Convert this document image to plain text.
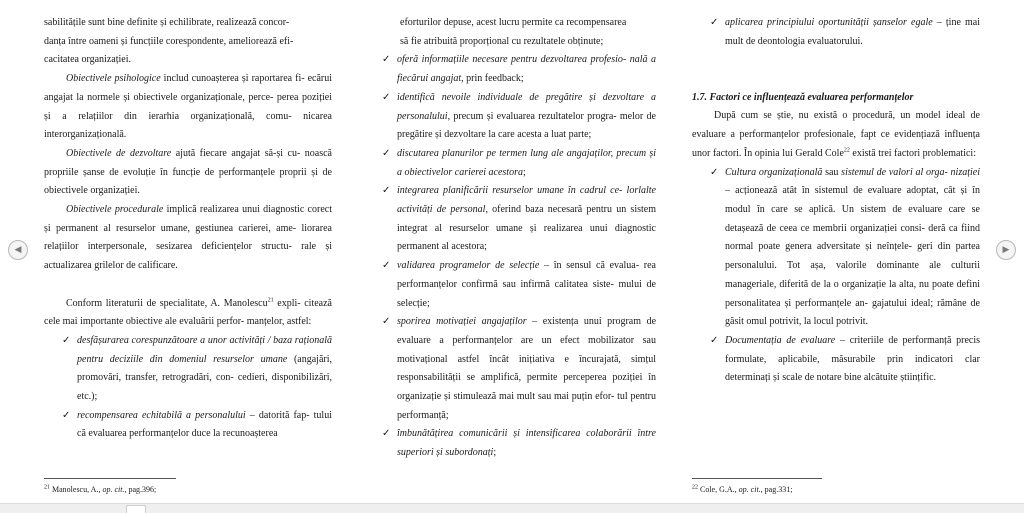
sabilitățile sunt bine definite și echilibrate, realizează concor-

danța între oameni și funcțiile corespondente, ameliorează efi-

cacitatea organizației.

Obiectivele psihologice includ cunoașterea și raportarea fi- ecărui angajat la normele și obiectivele organizaționale, perce- perea poziției și a relațiilor din ierarhia organizațională, comu- nicarea interorganizațională.

Obiectivele de dezvoltare ajută fiecare angajat să-și cu- noască propriile șanse de evoluție în funcție de performanțele proprii și de obiectivele organizației.

Obiectivele procedurale implică realizarea unui diagnostic corect și permanent al resurselor umane, gestiunea carierei, ame- liorarea relațiilor interpersonale, sesizarea deficiențelor structu- rale și actualizarea grilelor de calificare.

Conform literaturii de specialitate, A. Manolescu$^{21}$ expli- citează cele mai importante obiective ale evaluării perfor- manțelor, astfel:

✓ desfășurarea corespunzătoare a unor activități / baza rațională pentru deciziile din domeniul resurselor umane (angajări, promovări, transfer, retrogradări, con- cedieri, disponibilizări, etc.);
✓ recompensarea echitabilă a personalului – datorită fap- tului că evaluarea performanțelor duce la recunoașterea
$^{21}$ Manolescu, A., op. cit., pag.396;

eforturilor depuse, acest lucru permite ca recompensarea

să fie atribuită proporțional cu rezultatele obținute;

✓ oferă informațiile necesare pentru dezvoltarea profesio- nală a fiecărui angajat, prin feedback;
✓ identifică nevoile individuale de pregătire și dezvoltare a personalului, precum și evaluarea rezultatelor progra- melor de pregătire și dezvoltare la care acesta a luat parte;
✓ discutarea planurilor pe termen lung ale angajaților, precum și a obiectivelor carierei acestora;
✓ integrarea planificării resurselor umane în cadrul ce- lorlalte activități de personal, oferind baza necesară pentru un sistem integrat al resurselor umane și realizarea unui diagnostic permanent al acestora;
✓ validarea programelor de selecție – în sensul că evalua- rea performanțelor confirmă sau infirmă calitatea siste- mului de selecție;
✓ sporirea motivației angajaților – existența unui program de evaluare a performanțelor are un efect mobilizator sau motivațional astfel încât inițiativa e încurajată, simțul responsabilității se amplifică, permite perceperea poziției în organizație și stimulează mai mult sau mai puțin efor- tul pentru performanță;
✓ îmbunătățirea comunicării și intensificarea colaborării între superiori și subordonați;
✓ aplicarea principiului oportunității șanselor egale – ține mai mult de deontologia evaluatorului.

1.7. Factori ce influențează evaluarea performanțelor

După cum se știe, nu există o procedură, un model ideal de evaluare a performanțelor profesionale, fapt ce evidențiază influența unor factori. În opinia lui Gerald Cole$^{22}$ există trei factori problematici:

✓ Cultura organizațională sau sistemul de valori al orga- nizației – acționează atât în sistemul de evaluare adoptat, cât și în modul în care se aplică. Un sistem de evaluare care se detașează de ceea ce membrii organizației consi- deră ca fiind normal poate genera adversitate și neînțele- geri din partea personalului. Tot așa, valorile dominante ale culturii manageriale, diferită de la o organizație la alta, nu poate defini personalitatea și performanțele an- gajatului ideal; rămâne de găsit omul potrivit, la locul potrivit.
✓ Documentația de evaluare – criteriile de performanță precis formulate, aplicabile, măsurabile prin indicatori clar determinați și scale de notare bine alcătuite științific.
$^{22}$ Cole, G.A., op. cit., pag.331;
◀	▶
